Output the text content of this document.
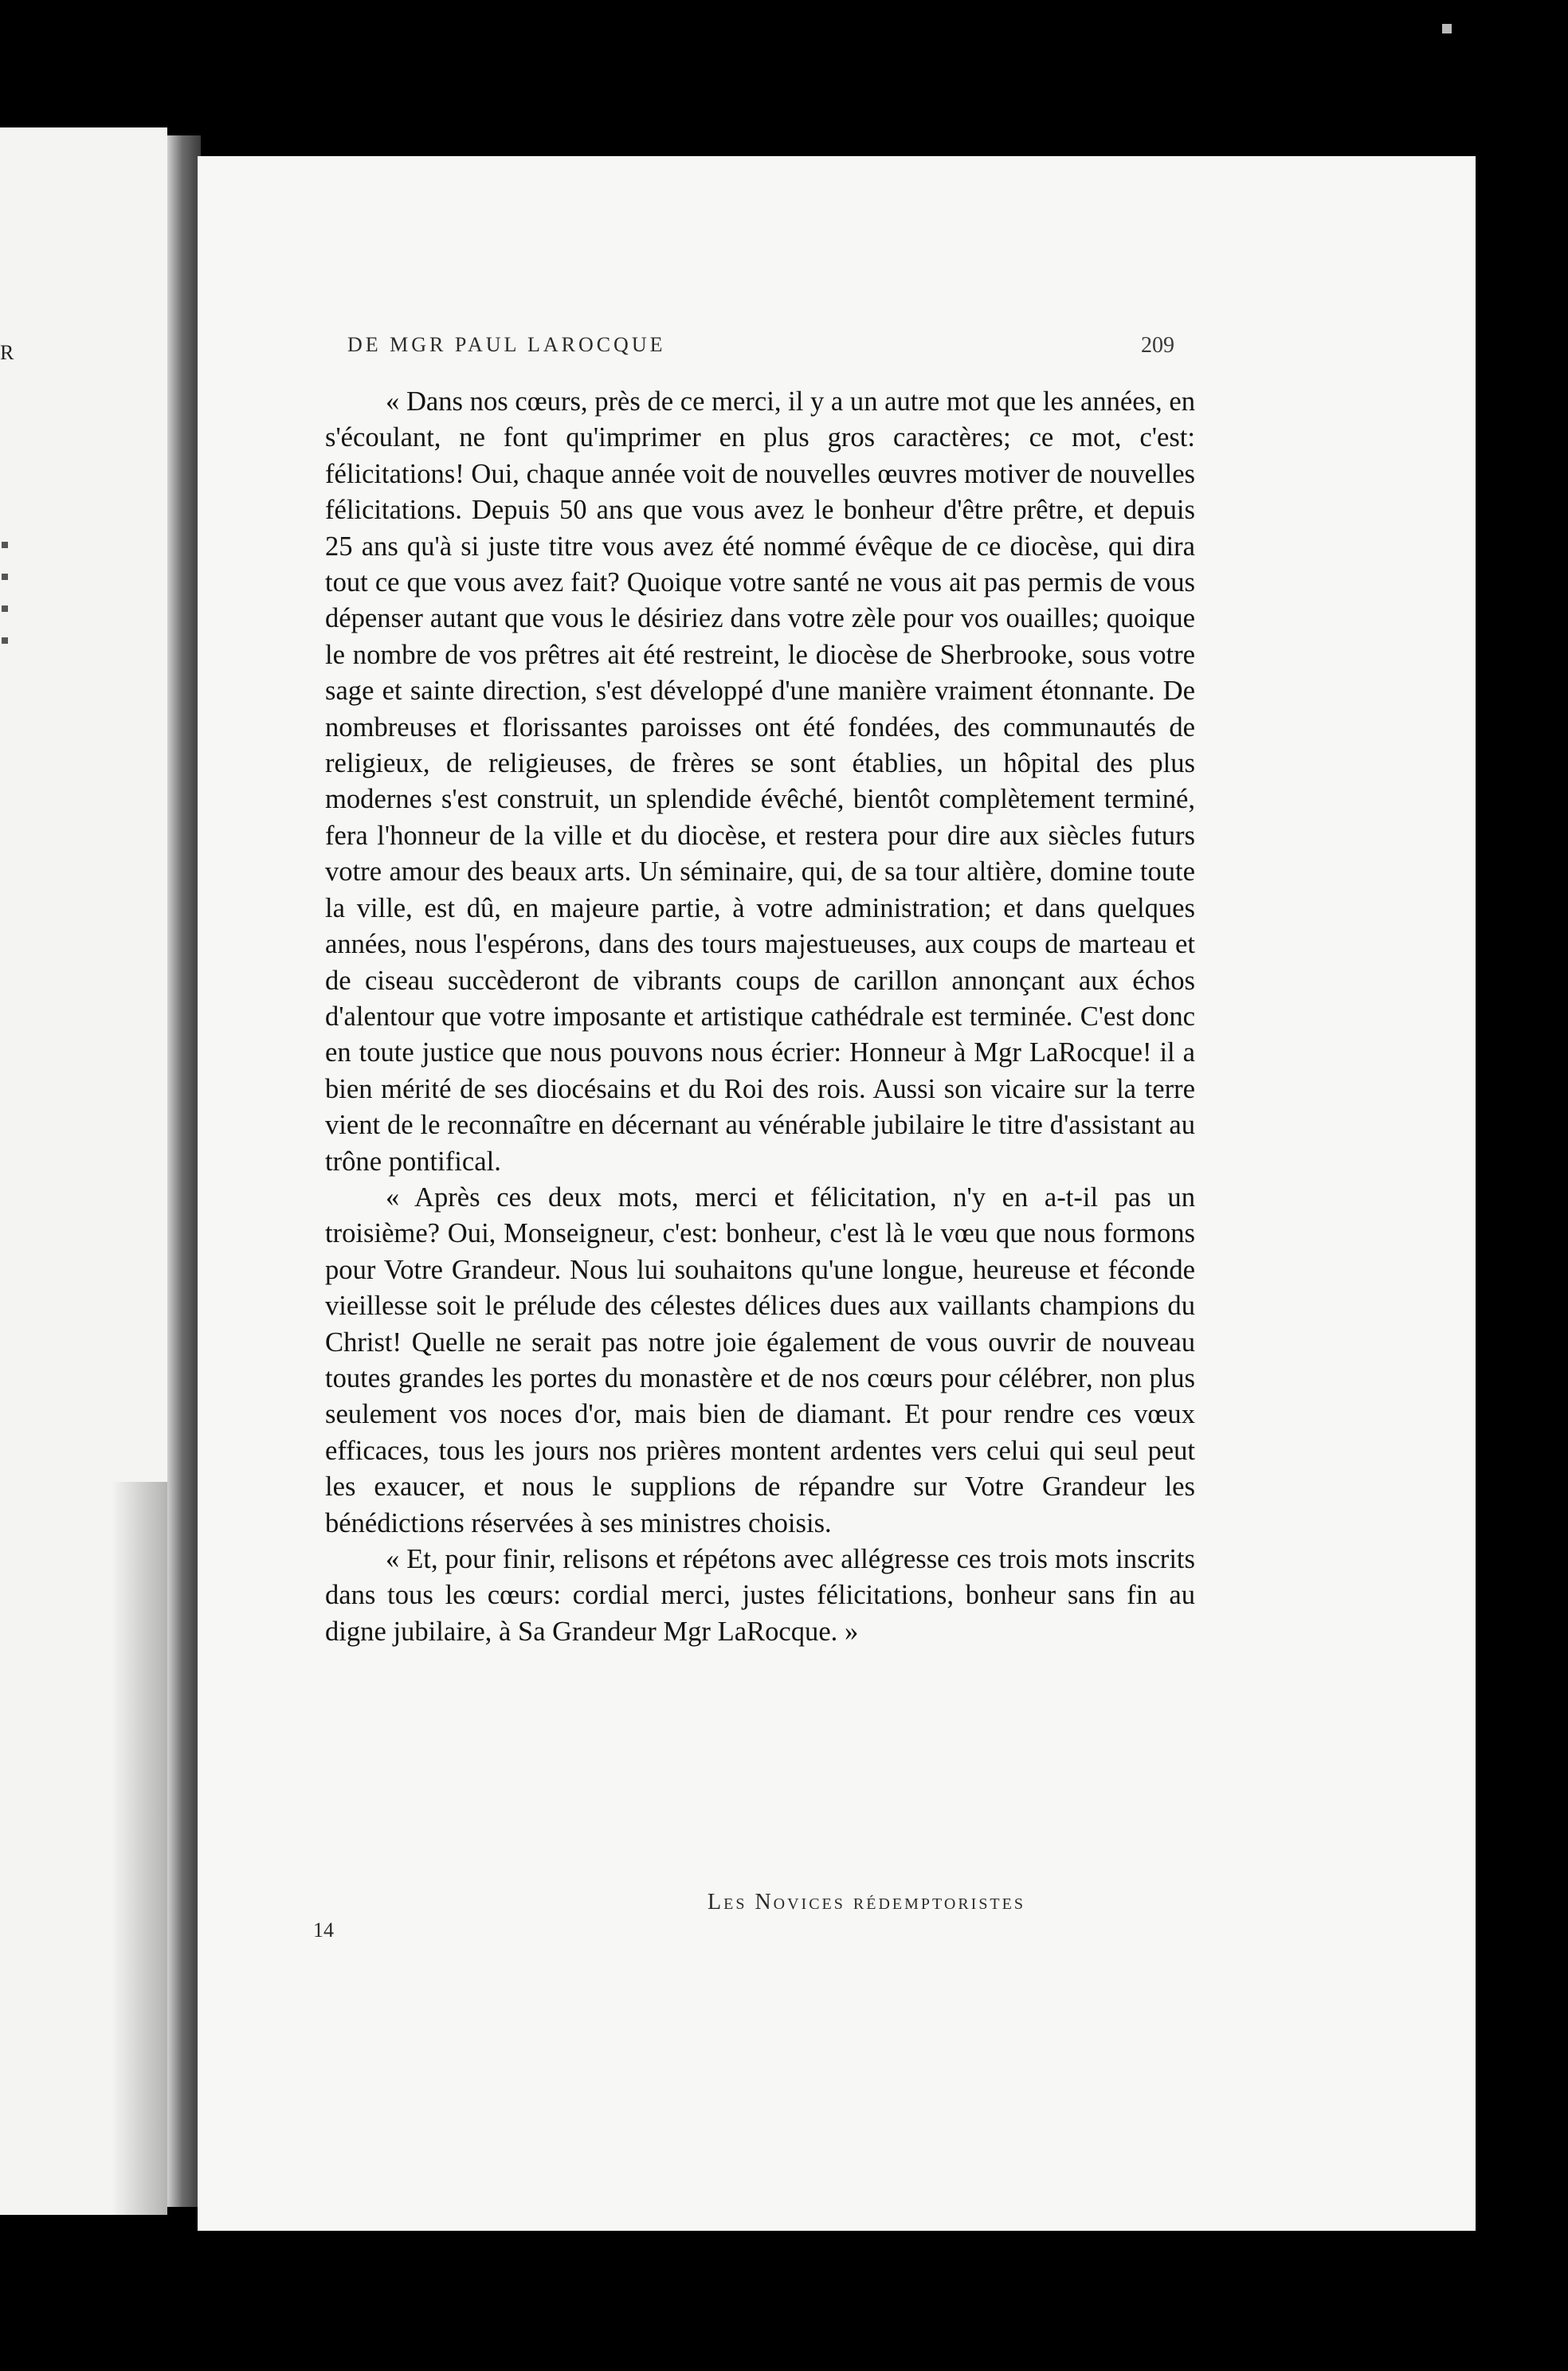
R	DE MGR PAUL LAROCQUE	209

« Dans nos cœurs, près de ce merci, il y a un autre mot que les années, en s'écoulant, ne font qu'imprimer en plus gros caractères; ce mot, c'est: félicitations! Oui, chaque année voit de nouvelles œuvres motiver de nouvelles félicitations. Depuis 50 ans que vous avez le bonheur d'être prêtre, et depuis 25 ans qu'à si juste titre vous avez été nommé évêque de ce diocèse, qui dira tout ce que vous avez fait? Quoique votre santé ne vous ait pas permis de vous dépenser autant que vous le désiriez dans votre zèle pour vos ouailles; quoique le nombre de vos prêtres ait été restreint, le diocèse de Sherbrooke, sous votre sage et sainte direction, s'est développé d'une manière vraiment étonnante. De nombreuses et florissantes paroisses ont été fondées, des communautés de religieux, de religieuses, de frères se sont établies, un hôpital des plus modernes s'est construit, un splendide évêché, bientôt complètement terminé, fera l'honneur de la ville et du diocèse, et restera pour dire aux siècles futurs votre amour des beaux arts. Un séminaire, qui, de sa tour altière, domine toute la ville, est dû, en majeure partie, à votre administration; et dans quelques années, nous l'espérons, dans des tours majestueuses, aux coups de marteau et de ciseau succèderont de vibrants coups de carillon annonçant aux échos d'alentour que votre imposante et artistique cathédrale est terminée. C'est donc en toute justice que nous pouvons nous écrier: Honneur à Mgr LaRocque! il a bien mérité de ses diocésains et du Roi des rois. Aussi son vicaire sur la terre vient de le reconnaître en décernant au vénérable jubilaire le titre d'assistant au trône pontifical.

« Après ces deux mots, merci et félicitation, n'y en a-t-il pas un troisième? Oui, Monseigneur, c'est: bonheur, c'est là le vœu que nous formons pour Votre Grandeur. Nous lui souhaitons qu'une longue, heureuse et féconde vieillesse soit le prélude des célestes délices dues aux vaillants champions du Christ! Quelle ne serait pas notre joie également de vous ouvrir de nouveau toutes grandes les portes du monastère et de nos cœurs pour célébrer, non plus seulement vos noces d'or, mais bien de diamant. Et pour rendre ces vœux efficaces, tous les jours nos prières montent ardentes vers celui qui seul peut les exaucer, et nous le supplions de répandre sur Votre Grandeur les bénédictions réservées à ses ministres choisis.

« Et, pour finir, relisons et répétons avec allégresse ces trois mots inscrits dans tous les cœurs: cordial merci, justes félicitations, bonheur sans fin au digne jubilaire, à Sa Grandeur Mgr LaRocque. »

14
Les Novices rédemptoristes
